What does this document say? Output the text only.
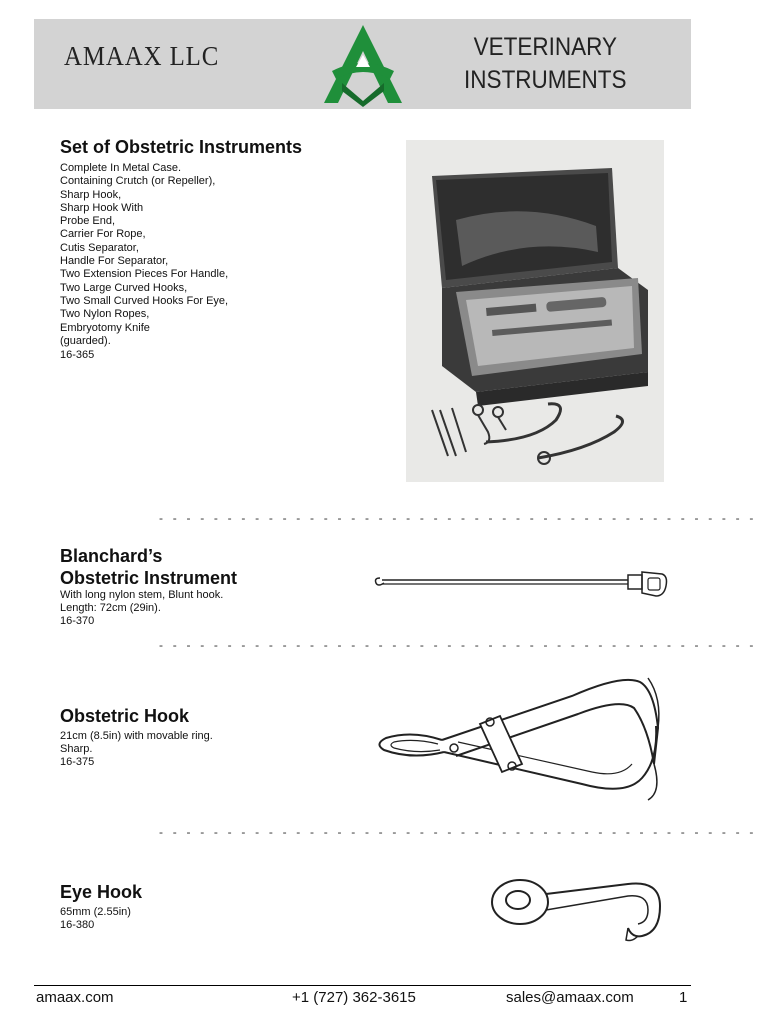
AMAAX LLC	VETERINARY
INSTRUMENTS
Set of Obstetric Instruments
Complete In Metal Case.
Containing Crutch (or Repeller),
Sharp Hook,
Sharp Hook With
Probe End,
Carrier For Rope,
Cutis Separator,
Handle For Separator,
Two Extension Pieces For Handle,
Two Large Curved Hooks,
Two Small Curved Hooks For Eye,
Two Nylon Ropes,
Embryotomy Knife
(guarded).
16-365
- - - - - - - - - - - - - - - - - - - - - - - - - - - - - - - - - - - - - - - - - - - -
Blanchard’s
Obstetric Instrument
With long nylon stem, Blunt hook.
Length: 72cm (29in).
16-370
- - - - - - - - - - - - - - - - - - - - - - - - - - - - - - - - - - - - - - - - - - - -
Obstetric Hook
21cm (8.5in) with movable ring.
Sharp.
16-375
- - - - - - - - - - - - - - - - - - - - - - - - - - - - - - - - - - - - - - - - - - - -
Eye Hook
65mm (2.55in)
16-380
amaax.com	+1 (727) 362-3615	sales@amaax.com	1
